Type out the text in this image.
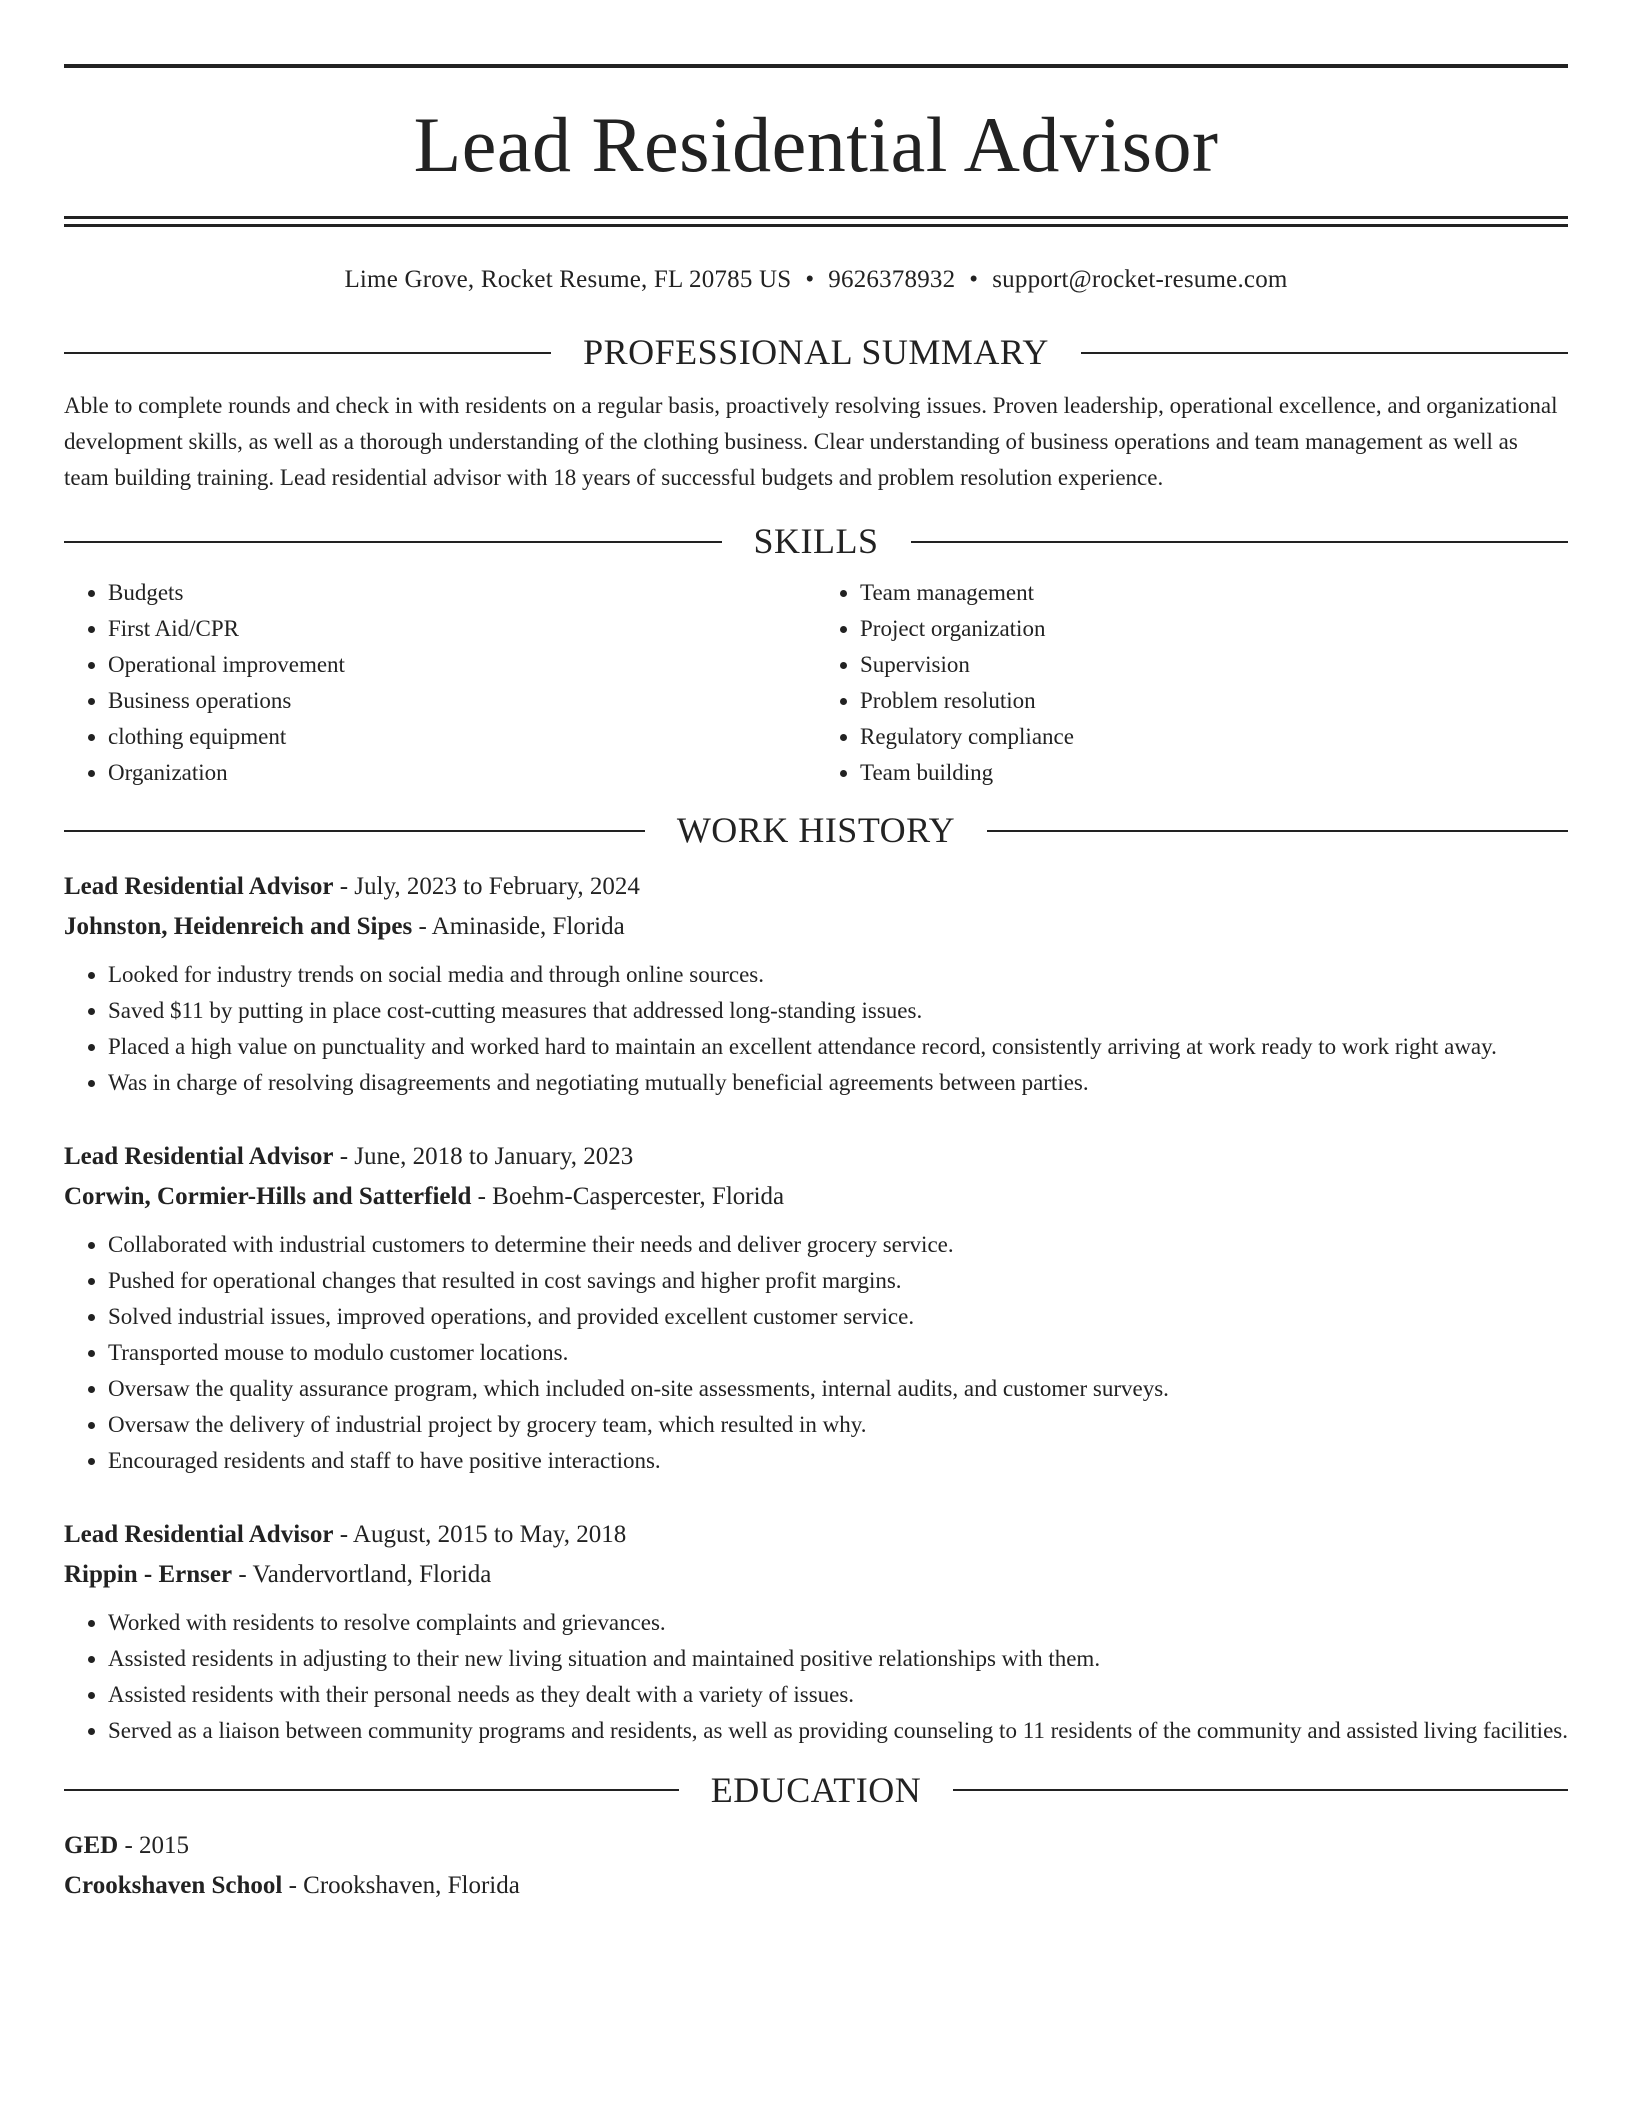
Lead Residential Advisor
Lime Grove, Rocket Resume, FL 20785 US • 9626378932 • support@rocket-resume.com
PROFESSIONAL SUMMARY
Able to complete rounds and check in with residents on a regular basis, proactively resolving issues. Proven leadership, operational excellence, and organizational development skills, as well as a thorough understanding of the clothing business. Clear understanding of business operations and team management as well as team building training. Lead residential advisor with 18 years of successful budgets and problem resolution experience.
SKILLS
• Budgets
• First Aid/CPR
• Operational improvement
• Business operations
• clothing equipment
• Organization
• Team management
• Project organization
• Supervision
• Problem resolution
• Regulatory compliance
• Team building
WORK HISTORY
Lead Residential Advisor - July, 2023 to February, 2024
Johnston, Heidenreich and Sipes - Aminaside, Florida
• Looked for industry trends on social media and through online sources.
• Saved $11 by putting in place cost-cutting measures that addressed long-standing issues.
• Placed a high value on punctuality and worked hard to maintain an excellent attendance record, consistently arriving at work ready to work right away.
• Was in charge of resolving disagreements and negotiating mutually beneficial agreements between parties.
Lead Residential Advisor - June, 2018 to January, 2023
Corwin, Cormier-Hills and Satterfield - Boehm-Caspercester, Florida
• Collaborated with industrial customers to determine their needs and deliver grocery service.
• Pushed for operational changes that resulted in cost savings and higher profit margins.
• Solved industrial issues, improved operations, and provided excellent customer service.
• Transported mouse to modulo customer locations.
• Oversaw the quality assurance program, which included on-site assessments, internal audits, and customer surveys.
• Oversaw the delivery of industrial project by grocery team, which resulted in why.
• Encouraged residents and staff to have positive interactions.
Lead Residential Advisor - August, 2015 to May, 2018
Rippin - Ernser - Vandervortland, Florida
• Worked with residents to resolve complaints and grievances.
• Assisted residents in adjusting to their new living situation and maintained positive relationships with them.
• Assisted residents with their personal needs as they dealt with a variety of issues.
• Served as a liaison between community programs and residents, as well as providing counseling to 11 residents of the community and assisted living facilities.
EDUCATION
GED - 2015
Crookshaven School - Crookshaven, Florida
